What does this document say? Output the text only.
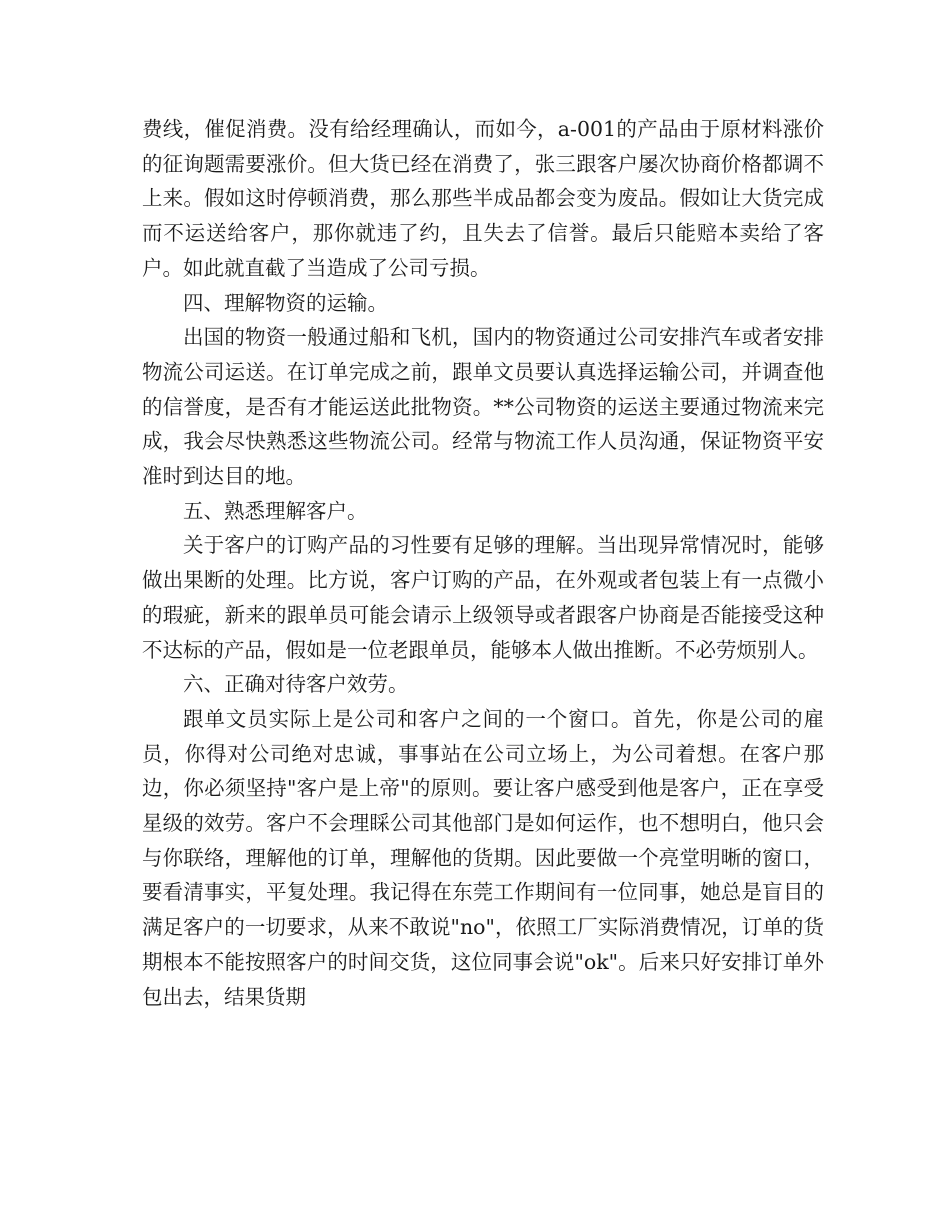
费线，催促消费。没有给经理确认，而如今，a-001的产品由于原材料涨价的征询题需要涨价。但大货已经在消费了，张三跟客户屡次协商价格都调不上来。假如这时停顿消费，那么那些半成品都会变为废品。假如让大货完成而不运送给客户，那你就违了约，且失去了信誉。最后只能赔本卖给了客户。如此就直截了当造成了公司亏损。

四、理解物资的运输。

出国的物资一般通过船和飞机，国内的物资通过公司安排汽车或者安排物流公司运送。在订单完成之前，跟单文员要认真选择运输公司，并调查他的信誉度，是否有才能运送此批物资。**公司物资的运送主要通过物流来完成，我会尽快熟悉这些物流公司。经常与物流工作人员沟通，保证物资平安准时到达目的地。

五、熟悉理解客户。

关于客户的订购产品的习性要有足够的理解。当出现异常情况时，能够做出果断的处理。比方说，客户订购的产品，在外观或者包装上有一点微小的瑕疵，新来的跟单员可能会请示上级领导或者跟客户协商是否能接受这种不达标的产品，假如是一位老跟单员，能够本人做出推断。不必劳烦别人。

六、正确对待客户效劳。

跟单文员实际上是公司和客户之间的一个窗口。首先，你是公司的雇员，你得对公司绝对忠诚，事事站在公司立场上，为公司着想。在客户那边，你必须坚持"客户是上帝"的原则。要让客户感受到他是客户，正在享受星级的效劳。客户不会理睬公司其他部门是如何运作，也不想明白，他只会与你联络，理解他的订单，理解他的货期。因此要做一个亮堂明晰的窗口，要看清事实，平复处理。我记得在东莞工作期间有一位同事，她总是盲目的满足客户的一切要求，从来不敢说"no"，依照工厂实际消费情况，订单的货期根本不能按照客户的时间交货，这位同事会说"ok"。后来只好安排订单外包出去，结果货期
